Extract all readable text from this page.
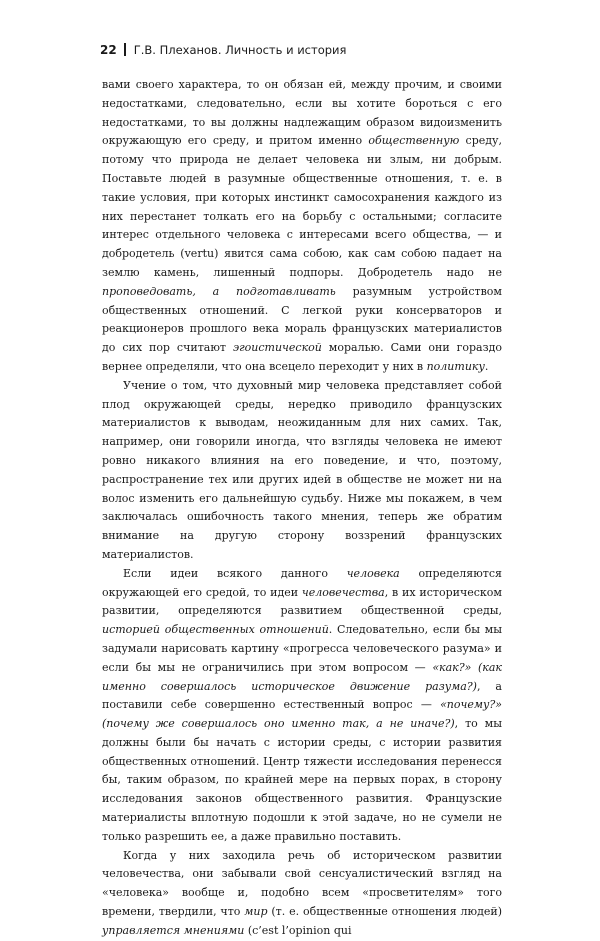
22 Г.В. Плеханов. Личность и история

вами своего характера, то он обязан ей, между прочим, и своими недостатками, следовательно, если вы хотите бороться с его недостатками, то вы должны надлежащим образом видоизменить окружающую его среду, и притом именно общественную среду, потому что природа не делает человека ни злым, ни добрым. Поставьте людей в разумные общественные отношения, т. е. в такие условия, при которых инстинкт самосохранения каждого из них перестанет толкать его на борьбу с остальными; согласите интерес отдельного человека с интересами всего общества, — и добродетель (vertu) явится сама собою, как сам собою падает на землю камень, лишенный подпоры. Добродетель надо не проповедовать, а подготавливать разумным устройством общественных отношений. С легкой руки консерваторов и реакционеров прошлого века мораль французских материалистов до сих пор считают эгоистической моралью. Сами они гораздо вернее определяли, что она всецело переходит у них в политику.

Учение о том, что духовный мир человека представляет собой плод окружающей среды, нередко приводило французских материалистов к выводам, неожиданным для них самих. Так, например, они говорили иногда, что взгляды человека не имеют ровно никакого влияния на его поведение, и что, поэтому, распространение тех или других идей в обществе не может ни на волос изменить его дальнейшую судьбу. Ниже мы покажем, в чем заключалась ошибочность такого мнения, теперь же обратим внимание на другую сторону воззрений французских материалистов.

Если идеи всякого данного человека определяются окружающей его средой, то идеи человечества, в их историческом развитии, определяются развитием общественной среды, историей общественных отношений. Следовательно, если бы мы задумали нарисовать картину «прогресса человеческого разума» и если бы мы не ограничились при этом вопросом — «как?» (как именно совершалось историческое движение разума?), а поставили себе совершенно естественный вопрос — «почему?» (почему же совершалось оно именно так, а не иначе?), то мы должны были бы начать с истории среды, с истории развития общественных отношений. Центр тяжести исследования перенесся бы, таким образом, по крайней мере на первых порах, в сторону исследования законов общественного развития. Французские материалисты вплотную подошли к этой задаче, но не сумели не только разрешить ее, а даже правильно поставить.

Когда у них заходила речь об историческом развитии человечества, они забывали свой сенсуалистический взгляд на «человека» вообще и, подобно всем «просветителям» того времени, твердили, что мир (т. е. общественные отношения людей) управляется мнениями (c’est l’opinion qui
